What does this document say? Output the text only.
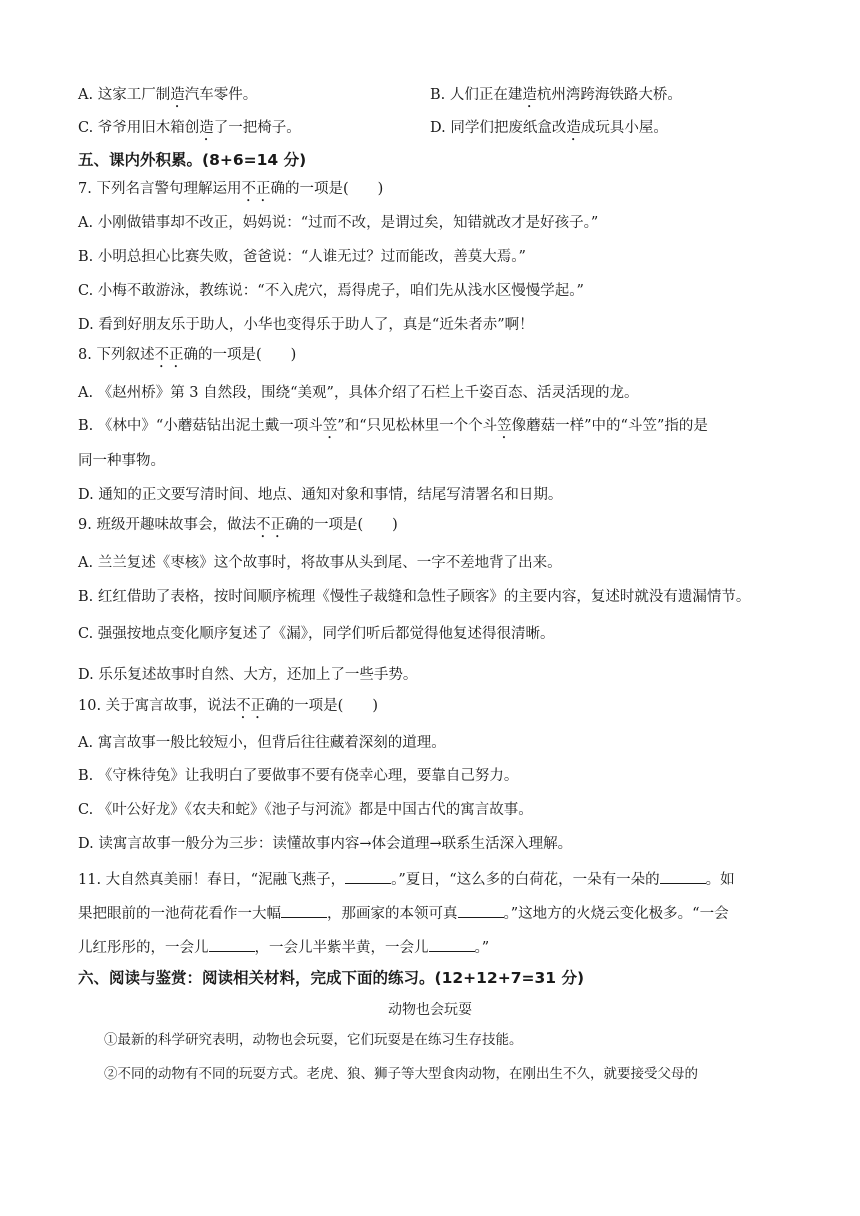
A. 这家工厂制造汽车零件。	B. 人们正在建造杭州湾跨海铁路大桥。
C. 爷爷用旧木箱创造了一把椅子。	D. 同学们把废纸盒改造成玩具小屋。
五、课内外积累。(8+6=14 分)
7. 下列名言警句理解运用不正确的一项是(　　)
A. 小刚做错事却不改正，妈妈说：“过而不改，是谓过矣，知错就改才是好孩子。”
B. 小明总担心比赛失败，爸爸说：“人谁无过？过而能改，善莫大焉。”
C. 小梅不敢游泳，教练说：“不入虎穴，焉得虎子，咱们先从浅水区慢慢学起。”
D. 看到好朋友乐于助人，小华也变得乐于助人了，真是“近朱者赤”啊！
8. 下列叙述不正确的一项是(　　)
A. 《赵州桥》第 3 自然段，围绕“美观”，具体介绍了石栏上千姿百态、活灵活现的龙。
B. 《林中》“小蘑菇钻出泥土戴一项斗笠”和“只见松林里一个个斗笠像蘑菇一样”中的“斗笠”指的是
同一种事物。
D. 通知的正文要写清时间、地点、通知对象和事情，结尾写清署名和日期。
9. 班级开趣味故事会，做法不正确的一项是(　　)
A. 兰兰复述《枣核》这个故事时，将故事从头到尾、一字不差地背了出来。
B. 红红借助了表格，按时间顺序梳理《慢性子裁缝和急性子顾客》的主要内容，复述时就没有遗漏情节。
C. 强强按地点变化顺序复述了《漏》，同学们听后都觉得他复述得很清晰。
D. 乐乐复述故事时自然、大方，还加上了一些手势。
10. 关于寓言故事，说法不正确的一项是(　　)
A. 寓言故事一般比较短小，但背后往往藏着深刻的道理。
B. 《守株待兔》让我明白了要做事不要有侥幸心理，要靠自己努力。
C. 《叶公好龙》《农夫和蛇》《池子与河流》都是中国古代的寓言故事。
D. 读寓言故事一般分为三步：读懂故事内容→体会道理→联系生活深入理解。
11. 大自然真美丽！春日，“泥融飞燕子，	。”夏日，“这么多的白荷花，一朵有一朵的	。如
果把眼前的一池荷花看作一大幅	，那画家的本领可真	。”这地方的火烧云变化极多。“一会
儿红彤彤的，一会儿	，一会儿半紫半黄，一会儿	。”
六、阅读与鉴赏：阅读相关材料，完成下面的练习。(12+12+7=31 分)
动物也会玩耍
①最新的科学研究表明，动物也会玩耍，它们玩耍是在练习生存技能。
②不同的动物有不同的玩耍方式。老虎、狼、狮子等大型食肉动物，在刚出生不久，就要接受父母的
